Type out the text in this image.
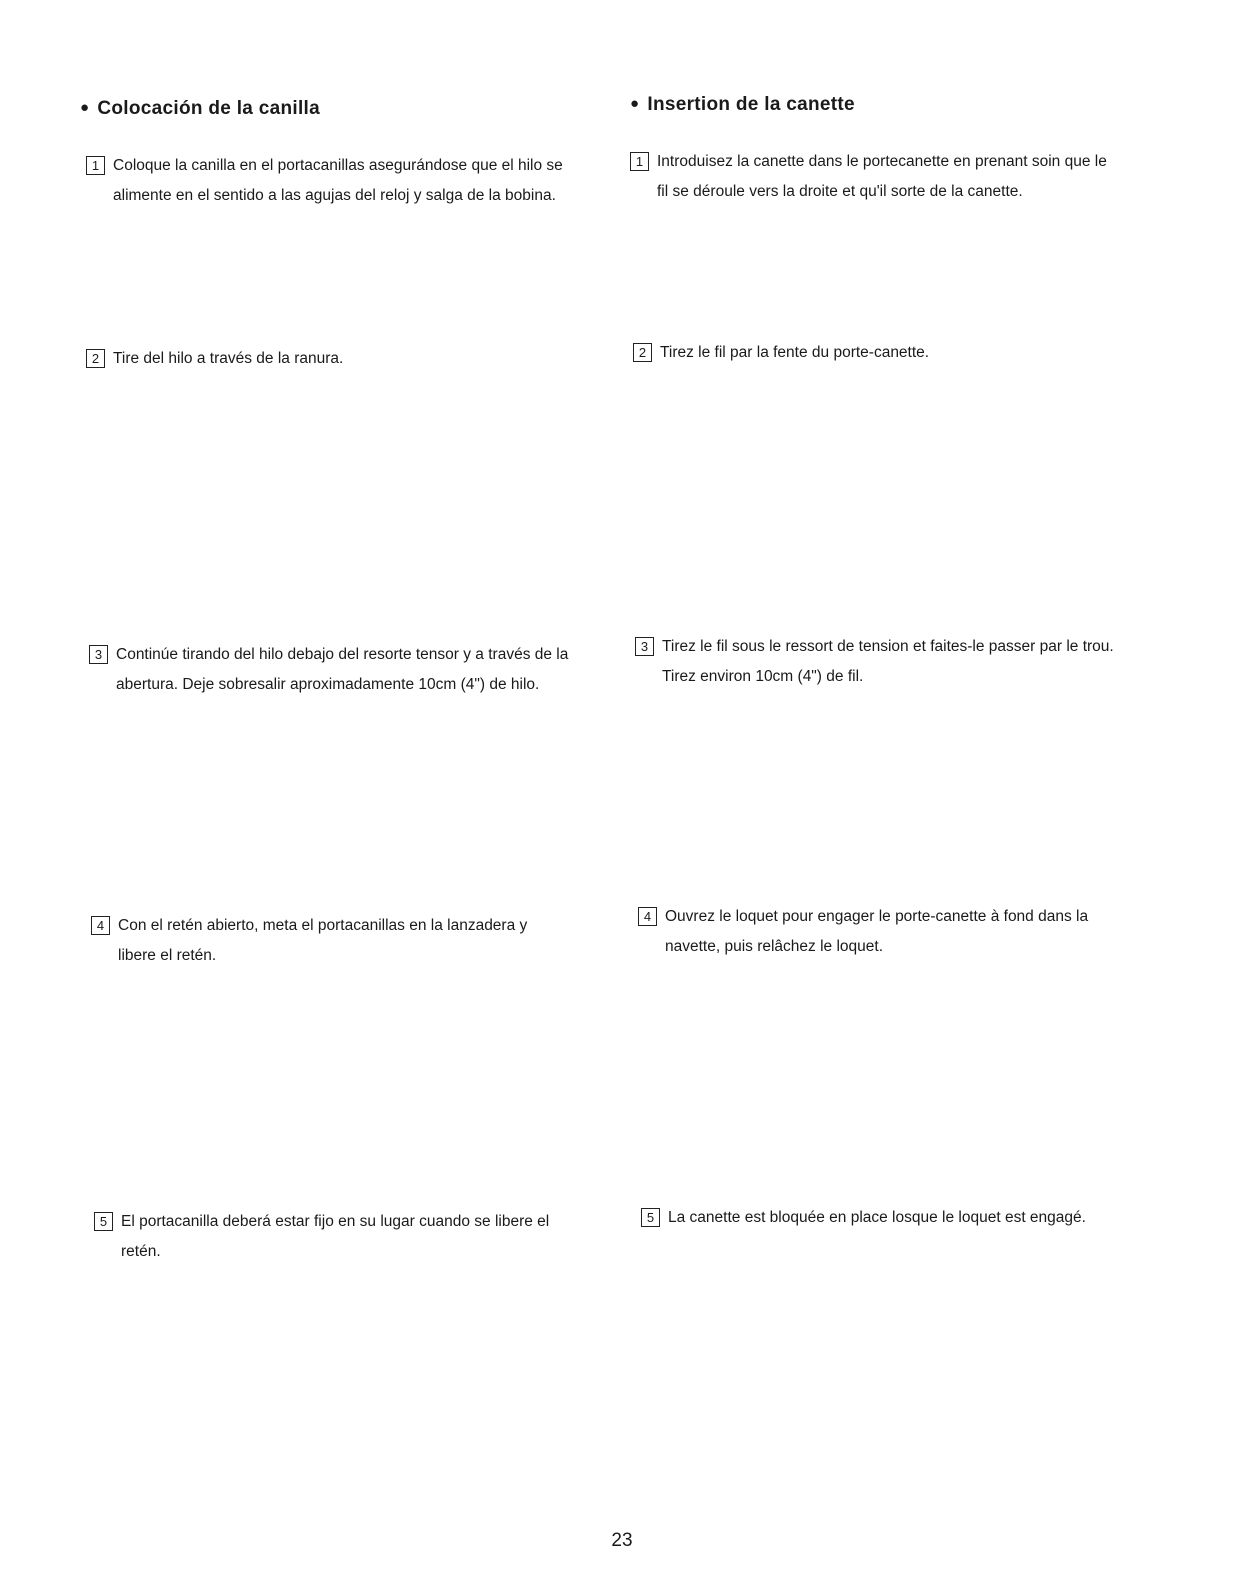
● Colocación de la canilla
1 Coloque la canilla en el portacanillas asegurándose que el hilo se alimente en el sentido a las agujas del reloj y salga de la bobina.
2 Tire del hilo a través de la ranura.
3 Continúe tirando del hilo debajo del resorte tensor y a través de la abertura. Deje sobresalir aproximadamente 10cm (4") de hilo.
4 Con el retén abierto, meta el portacanillas en la lanzadera y libere el retén.
5 El portacanilla deberá estar fijo en su lugar cuando se libere el retén.
● Insertion de la canette
1 Introduisez la canette dans le portecanette en prenant soin que le fil se déroule vers la droite et qu'il sorte de la canette.
2 Tirez le fil par la fente du porte-canette.
3 Tirez le fil sous le ressort de tension et faites-le passer par le trou. Tirez environ 10cm (4") de fil.
4 Ouvrez le loquet pour engager le porte-canette à fond dans la navette, puis relâchez le loquet.
5 La canette est bloquée en place losque le loquet est engagé.
23
